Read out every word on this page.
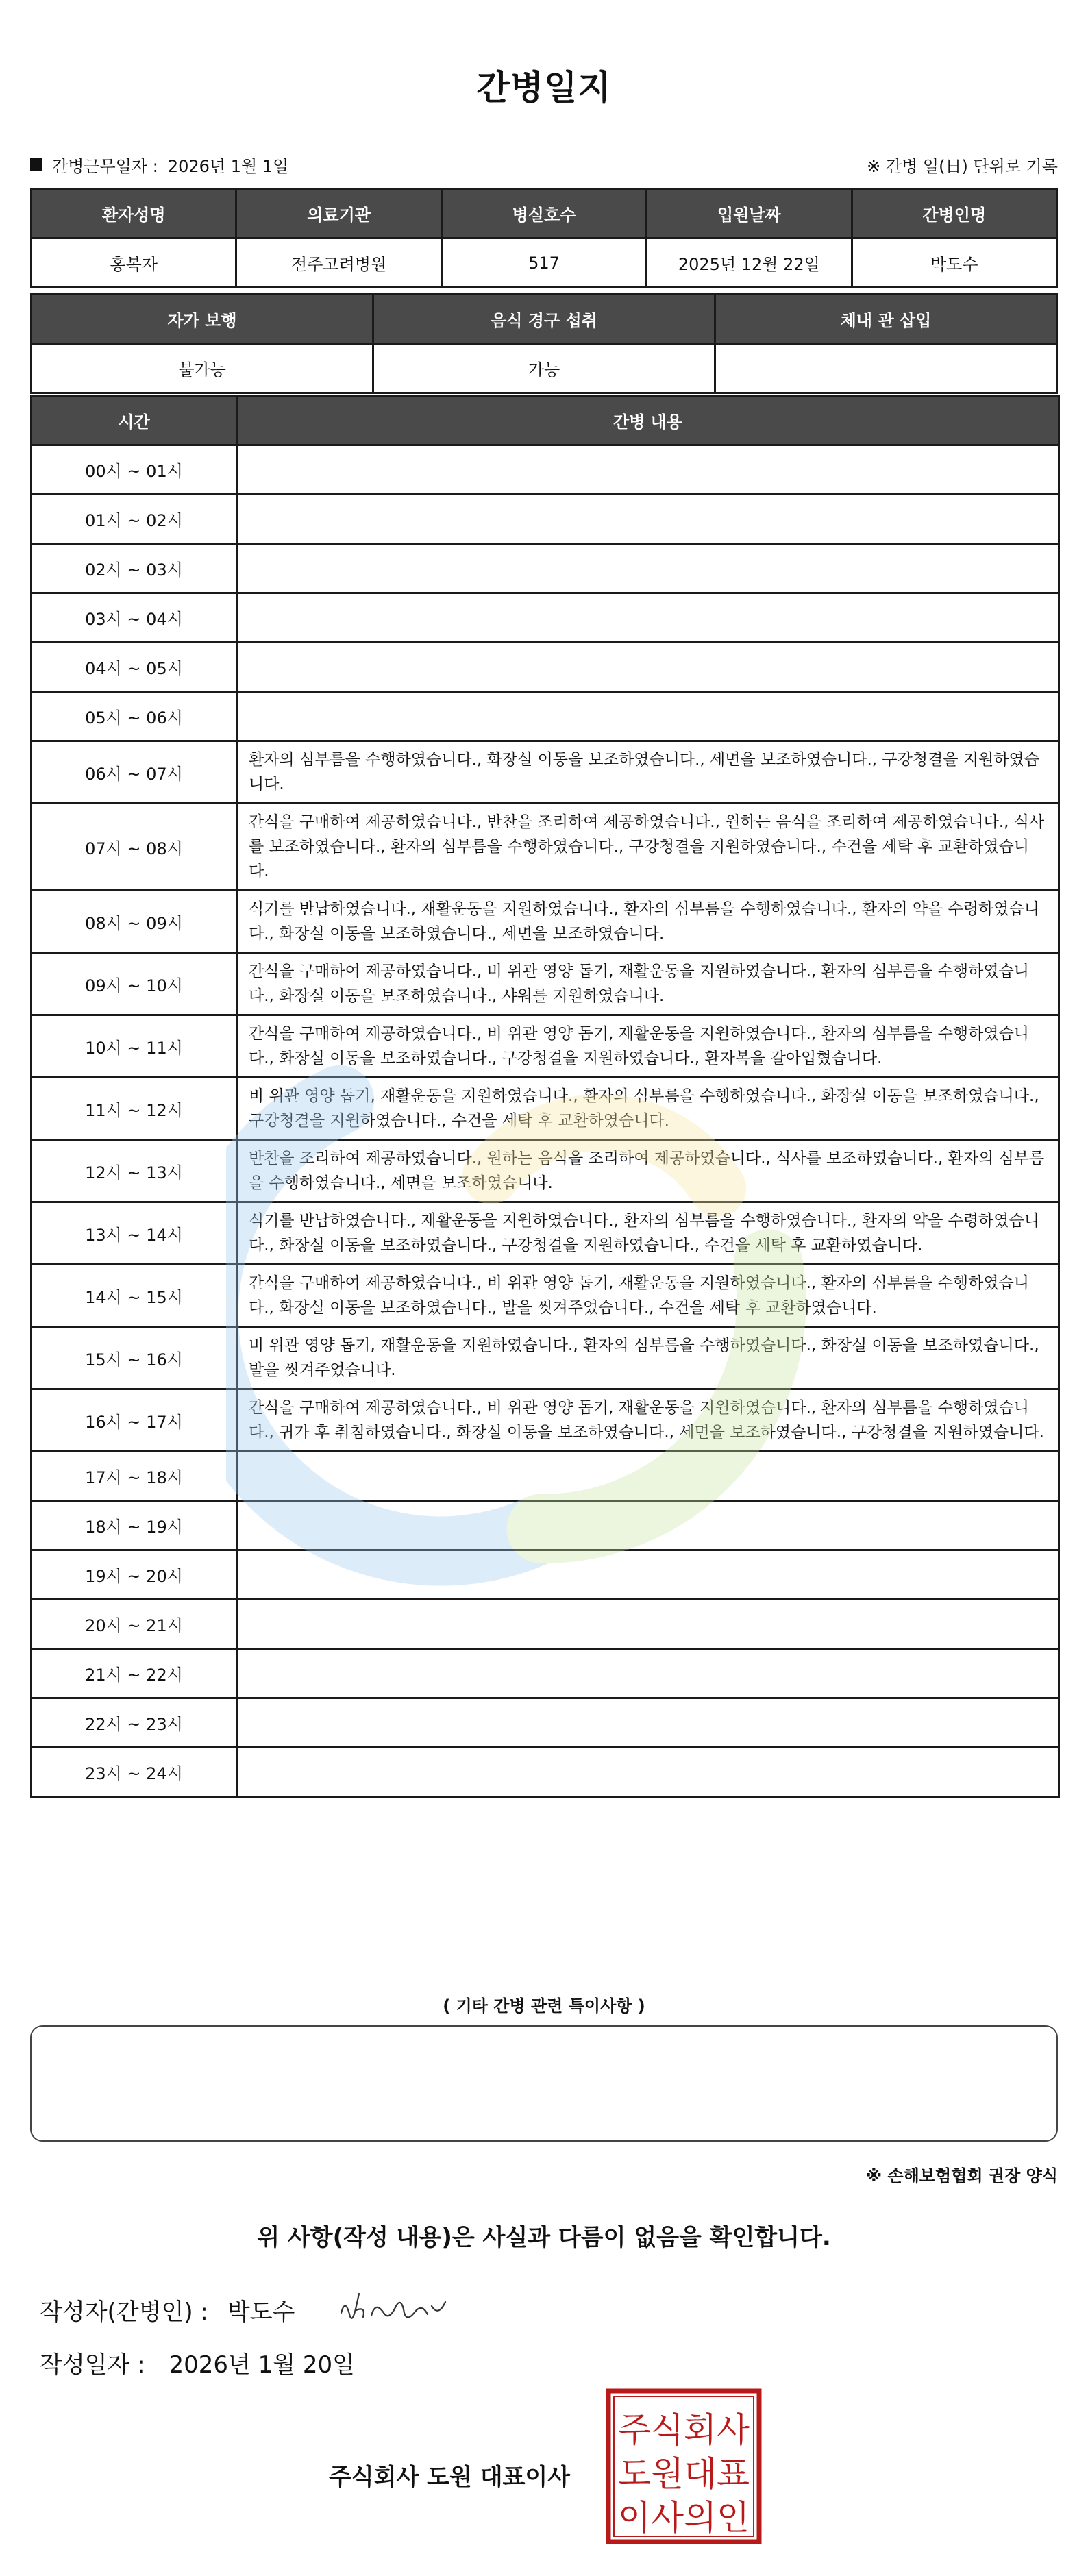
간병일지
간병근무일자 : 2026년 1월 1일	※ 간병 일(日) 단위로 기록
환자성명	의료기관	병실호수	입원날짜	간병인명
홍복자	전주고려병원	517	2025년 12월 22일	박도수
자가 보행	음식 경구 섭취	체내 관 삽입
불가능	가능	
시간	간병 내용
00시 ~ 01시	
01시 ~ 02시	
02시 ~ 03시	
03시 ~ 04시	
04시 ~ 05시	
05시 ~ 06시	
06시 ~ 07시	환자의 심부름을 수행하였습니다., 화장실 이동을 보조하였습니다., 세면을 보조하였습니다., 구강청결을 지원하였습니다.
07시 ~ 08시	간식을 구매하여 제공하였습니다., 반찬을 조리하여 제공하였습니다., 원하는 음식을 조리하여 제공하였습니다., 식사를 보조하였습니다., 환자의 심부름을 수행하였습니다., 구강청결을 지원하였습니다., 수건을 세탁 후 교환하였습니다.
08시 ~ 09시	식기를 반납하였습니다., 재활운동을 지원하였습니다., 환자의 심부름을 수행하였습니다., 환자의 약을 수령하였습니다., 화장실 이동을 보조하였습니다., 세면을 보조하였습니다.
09시 ~ 10시	간식을 구매하여 제공하였습니다., 비 위관 영양 돕기, 재활운동을 지원하였습니다., 환자의 심부름을 수행하였습니다., 화장실 이동을 보조하였습니다., 샤워를 지원하였습니다.
10시 ~ 11시	간식을 구매하여 제공하였습니다., 비 위관 영양 돕기, 재활운동을 지원하였습니다., 환자의 심부름을 수행하였습니다., 화장실 이동을 보조하였습니다., 구강청결을 지원하였습니다., 환자복을 갈아입혔습니다.
11시 ~ 12시	비 위관 영양 돕기, 재활운동을 지원하였습니다., 환자의 심부름을 수행하였습니다., 화장실 이동을 보조하였습니다., 구강청결을 지원하였습니다., 수건을 세탁 후 교환하였습니다.
12시 ~ 13시	반찬을 조리하여 제공하였습니다., 원하는 음식을 조리하여 제공하였습니다., 식사를 보조하였습니다., 환자의 심부름을 수행하였습니다., 세면을 보조하였습니다.
13시 ~ 14시	식기를 반납하였습니다., 재활운동을 지원하였습니다., 환자의 심부름을 수행하였습니다., 환자의 약을 수령하였습니다., 화장실 이동을 보조하였습니다., 구강청결을 지원하였습니다., 수건을 세탁 후 교환하였습니다.
14시 ~ 15시	간식을 구매하여 제공하였습니다., 비 위관 영양 돕기, 재활운동을 지원하였습니다., 환자의 심부름을 수행하였습니다., 화장실 이동을 보조하였습니다., 발을 씻겨주었습니다., 수건을 세탁 후 교환하였습니다.
15시 ~ 16시	비 위관 영양 돕기, 재활운동을 지원하였습니다., 환자의 심부름을 수행하였습니다., 화장실 이동을 보조하였습니다., 발을 씻겨주었습니다.
16시 ~ 17시	간식을 구매하여 제공하였습니다., 비 위관 영양 돕기, 재활운동을 지원하였습니다., 환자의 심부름을 수행하였습니다., 귀가 후 취침하였습니다., 화장실 이동을 보조하였습니다., 세면을 보조하였습니다., 구강청결을 지원하였습니다.
17시 ~ 18시	
18시 ~ 19시	
19시 ~ 20시	
20시 ~ 21시	
21시 ~ 22시	
22시 ~ 23시	
23시 ~ 24시	
( 기타 간병 관련 특이사항 )
※ 손해보험협회 권장 양식
위 사항(작성 내용)은 사실과 다름이 없음을 확인합니다.
작성자(간병인) : 박도수
작성일자 : 2026년 1월 20일
주식회사 도원 대표이사
주식회사
도원대표
이사의인
